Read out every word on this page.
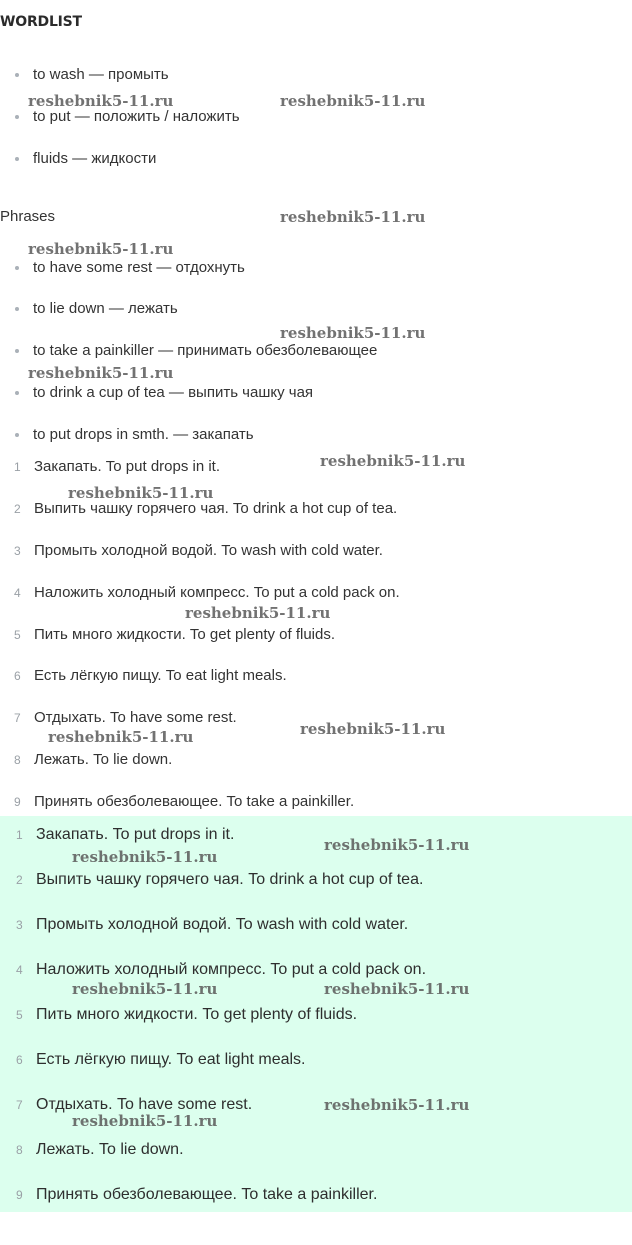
WORDLIST
to wash — промыть
to put — положить / наложить
fluids — жидкости
Phrases
to have some rest — отдохнуть
to lie down — лежать
to take a painkiller — принимать обезболевающее
to drink a cup of tea — выпить чашку чая
to put drops in smth. — закапать
1 Закапать. To put drops in it.
2 Выпить чашку горячего чая. To drink a hot cup of tea.
3 Промыть холодной водой. To wash with cold water.
4 Наложить холодный компресс. To put a cold pack on.
5 Пить много жидкости. To get plenty of fluids.
6 Есть лёгкую пищу. To eat light meals.
7 Отдыхать. To have some rest.
8 Лежать. To lie down.
9 Принять обезболевающее. To take a painkiller.
1 Закапать. To put drops in it.
2 Выпить чашку горячего чая. To drink a hot cup of tea.
3 Промыть холодной водой. To wash with cold water.
4 Наложить холодный компресс. To put a cold pack on.
5 Пить много жидкости. To get plenty of fluids.
6 Есть лёгкую пищу. To eat light meals.
7 Отдыхать. To have some rest.
8 Лежать. To lie down.
9 Принять обезболевающее. To take a painkiller.
reshebnik5-11.ru	reshebnik5-11.ru
reshebnik5-11.ru
reshebnik5-11.ru
reshebnik5-11.ru
reshebnik5-11.ru
reshebnik5-11.ru
reshebnik5-11.ru
reshebnik5-11.ru
reshebnik5-11.ru
reshebnik5-11.ru
reshebnik5-11.ru
reshebnik5-11.ru
reshebnik5-11.ru	reshebnik5-11.ru
reshebnik5-11.ru
reshebnik5-11.ru
